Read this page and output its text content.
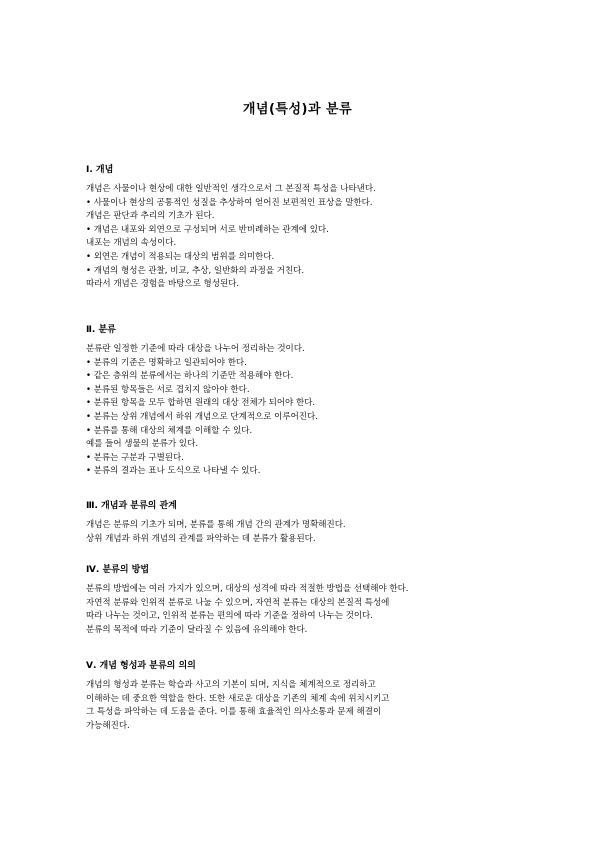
개념(특성)과 분류
Ⅰ. 개념
개념은 사물이나 현상에 대한 일반적인 생각으로서 그 본질적 특성을 나타낸다.
• 사물이나 현상의 공통적인 성질을 추상하여 얻어진 보편적인 표상을 말한다.
개념은 판단과 추리의 기초가 된다.
• 개념은 내포와 외연으로 구성되며 서로 반비례하는 관계에 있다.
내포는 개념의 속성이다.
• 외연은 개념이 적용되는 대상의 범위를 의미한다.
• 개념의 형성은 관찰, 비교, 추상, 일반화의 과정을 거친다.
따라서 개념은 경험을 바탕으로 형성된다.
Ⅱ. 분류
분류란 일정한 기준에 따라 대상을 나누어 정리하는 것이다.
• 분류의 기준은 명확하고 일관되어야 한다.
• 같은 층위의 분류에서는 하나의 기준만 적용해야 한다.
• 분류된 항목들은 서로 겹치지 않아야 한다.
• 분류된 항목을 모두 합하면 원래의 대상 전체가 되어야 한다.
• 분류는 상위 개념에서 하위 개념으로 단계적으로 이루어진다.
• 분류를 통해 대상의 체계를 이해할 수 있다.
예를 들어 생물의 분류가 있다.
• 분류는 구분과 구별된다.
• 분류의 결과는 표나 도식으로 나타낼 수 있다.
Ⅲ. 개념과 분류의 관계
개념은 분류의 기초가 되며, 분류를 통해 개념 간의 관계가 명확해진다.
상위 개념과 하위 개념의 관계를 파악하는 데 분류가 활용된다.
Ⅳ. 분류의 방법
분류의 방법에는 여러 가지가 있으며, 대상의 성격에 따라 적절한 방법을 선택해야 한다.
자연적 분류와 인위적 분류로 나눌 수 있으며, 자연적 분류는 대상의 본질적 특성에
따라 나누는 것이고, 인위적 분류는 편의에 따라 기준을 정하여 나누는 것이다.
분류의 목적에 따라 기준이 달라질 수 있음에 유의해야 한다.
Ⅴ. 개념 형성과 분류의 의의
개념의 형성과 분류는 학습과 사고의 기본이 되며, 지식을 체계적으로 정리하고
이해하는 데 중요한 역할을 한다. 또한 새로운 대상을 기존의 체계 속에 위치시키고
그 특성을 파악하는 데 도움을 준다. 이를 통해 효율적인 의사소통과 문제 해결이
가능해진다.
